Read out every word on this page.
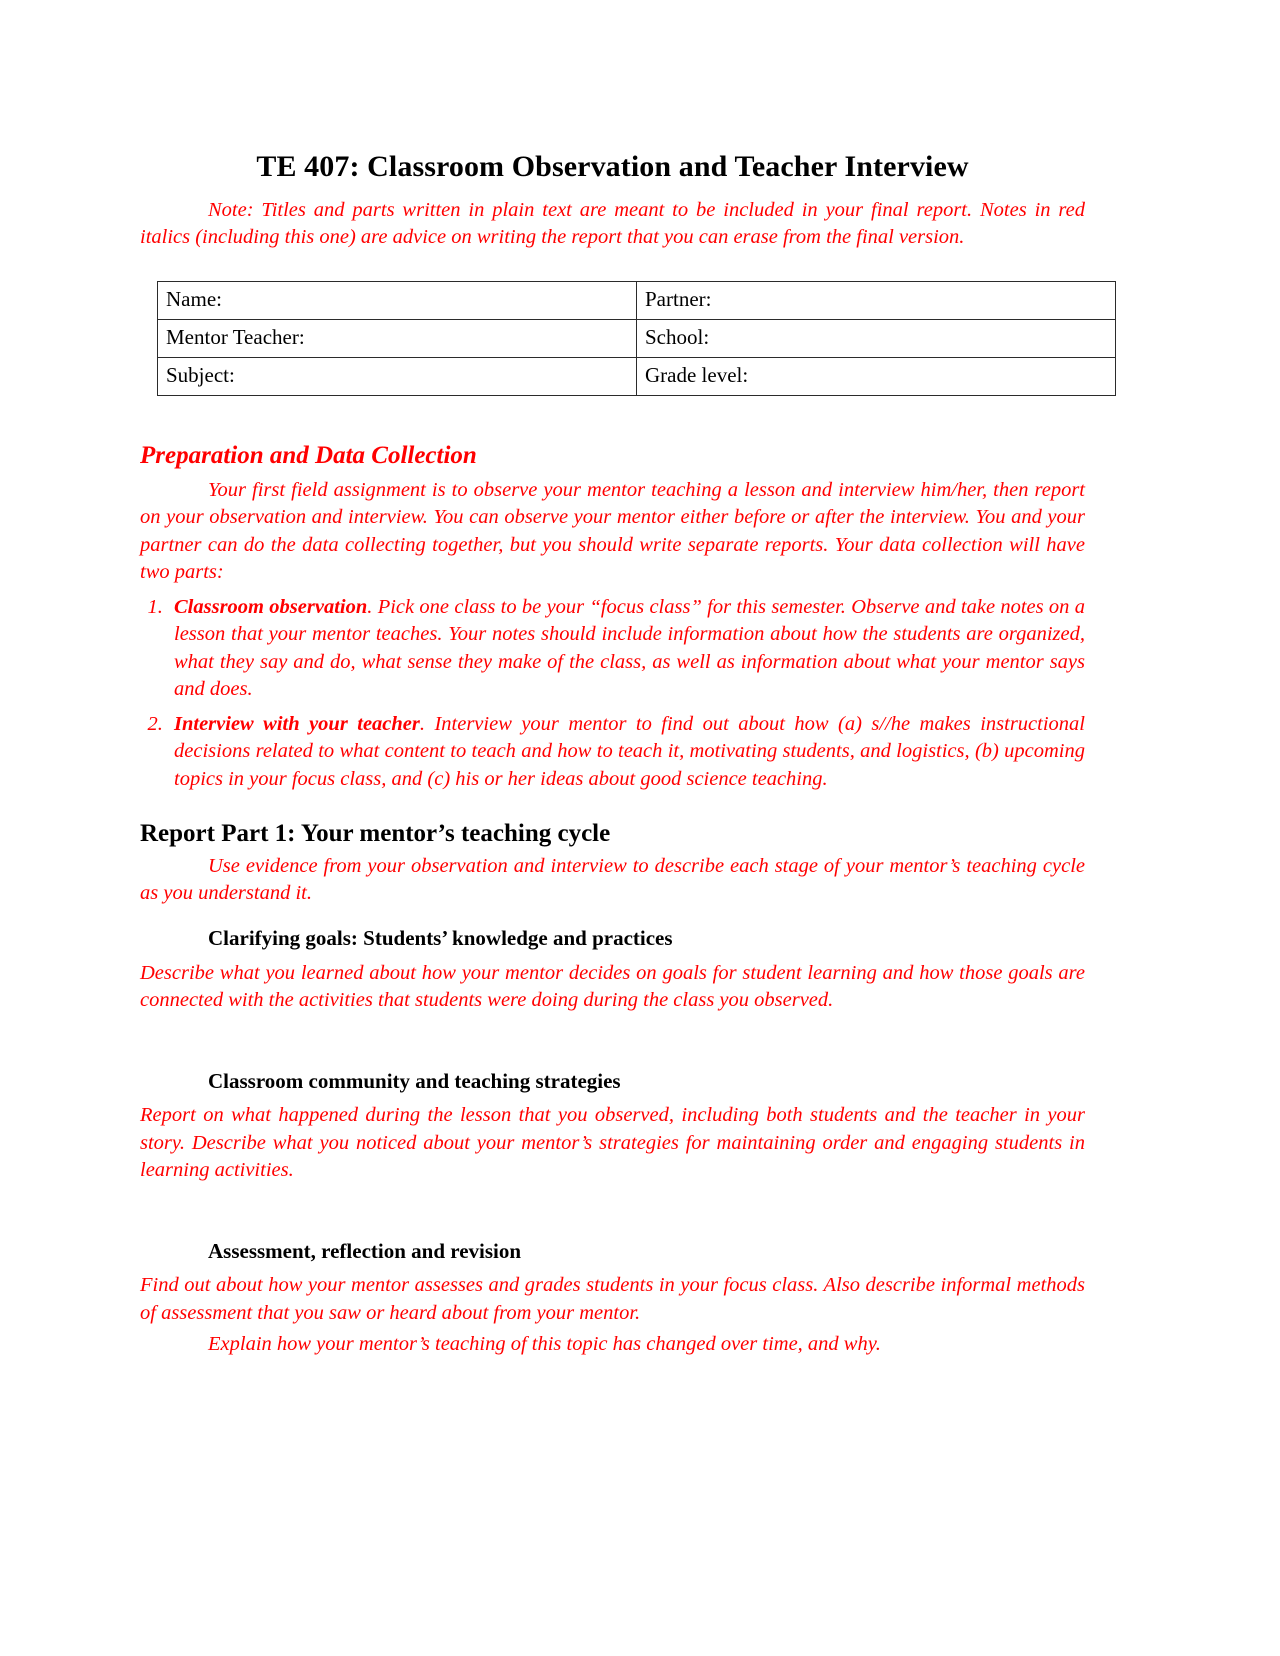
TE 407: Classroom Observation and Teacher Interview

Note: Titles and parts written in plain text are meant to be included in your final report. Notes in red italics (including this one) are advice on writing the report that you can erase from the final version.

Name:	Partner:
Mentor Teacher:	School:
Subject:	Grade level:
Preparation and Data Collection

Your first field assignment is to observe your mentor teaching a lesson and interview him/her, then report on your observation and interview. You can observe your mentor either before or after the interview. You and your partner can do the data collecting together, but you should write separate reports. Your data collection will have two parts:

1. Classroom observation. Pick one class to be your “focus class” for this semester. Observe and take notes on a lesson that your mentor teaches. Your notes should include information about how the students are organized, what they say and do, what sense they make of the class, as well as information about what your mentor says and does.
2. Interview with your teacher. Interview your mentor to find out about how (a) s//he makes instructional decisions related to what content to teach and how to teach it, motivating students, and logistics, (b) upcoming topics in your focus class, and (c) his or her ideas about good science teaching.
Report Part 1: Your mentor’s teaching cycle

Use evidence from your observation and interview to describe each stage of your mentor’s teaching cycle as you understand it.

Clarifying goals: Students’ knowledge and practices

Describe what you learned about how your mentor decides on goals for student learning and how those goals are connected with the activities that students were doing during the class you observed.

Classroom community and teaching strategies

Report on what happened during the lesson that you observed, including both students and the teacher in your story. Describe what you noticed about your mentor’s strategies for maintaining order and engaging students in learning activities.

Assessment, reflection and revision

Find out about how your mentor assesses and grades students in your focus class. Also describe informal methods of assessment that you saw or heard about from your mentor.

Explain how your mentor’s teaching of this topic has changed over time, and why.
